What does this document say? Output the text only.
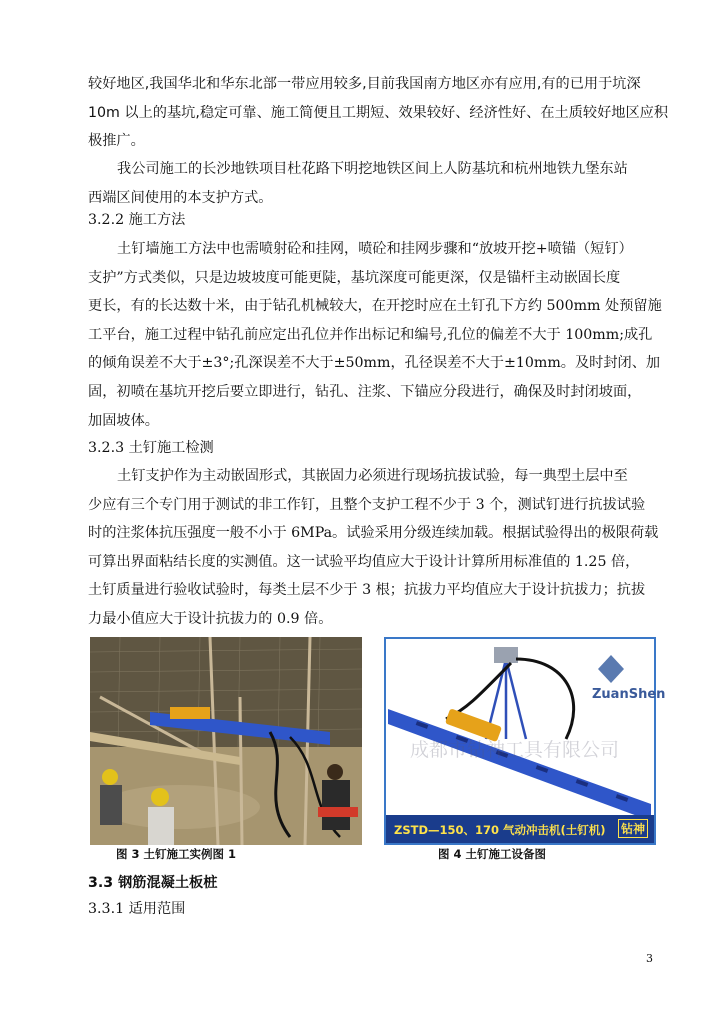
较好地区,我国华北和华东北部一带应用较多,目前我国南方地区亦有应用,有的已用于坑深
10m 以上的基坑,稳定可靠、施工简便且工期短、效果较好、经济性好、在土质较好地区应积
极推广。
我公司施工的长沙地铁项目杜花路下明挖地铁区间上人防基坑和杭州地铁九堡东站
西端区间使用的本支护方式。
3.2.2 施工方法
土钉墙施工方法中也需喷射砼和挂网，喷砼和挂网步骤和“放坡开挖+喷锚（短钉）
支护”方式类似，只是边坡坡度可能更陡，基坑深度可能更深，仅是锚杆主动嵌固长度
更长，有的长达数十米，由于钻孔机械较大，在开挖时应在土钉孔下方约 500mm 处预留施
工平台，施工过程中钻孔前应定出孔位并作出标记和编号,孔位的偏差不大于 100mm;成孔
的倾角误差不大于±3°;孔深误差不大于±50mm，孔径误差不大于±10mm。及时封闭、加
固，初喷在基坑开挖后要立即进行，钻孔、注浆、下锚应分段进行，确保及时封闭坡面，
加固坡体。
3.2.3 土钉施工检测
土钉支护作为主动嵌固形式，其嵌固力必须进行现场抗拔试验，每一典型土层中至
少应有三个专门用于测试的非工作钉，且整个支护工程不少于 3 个，测试钉进行抗拔试验
时的注浆体抗压强度一般不小于 6MPa。试验采用分级连续加载。根据试验得出的极限荷载
可算出界面粘结长度的实测值。这一试验平均值应大于设计计算所用标准值的 1.25 倍，
土钉质量进行验收试验时，每类土层不少于 3 根；抗拔力平均值应大于设计抗拔力；抗拔
力最小值应大于设计抗拔力的 0.9 倍。
ZuanShen
成都市钻神工具有限公司
ZSTD—150、170 气动冲击机(土钉机) 钻神
图 3 土钉施工实例图 1	图 4 土钉施工设备图
3.3 钢筋混凝土板桩
3.3.1 适用范围
3
